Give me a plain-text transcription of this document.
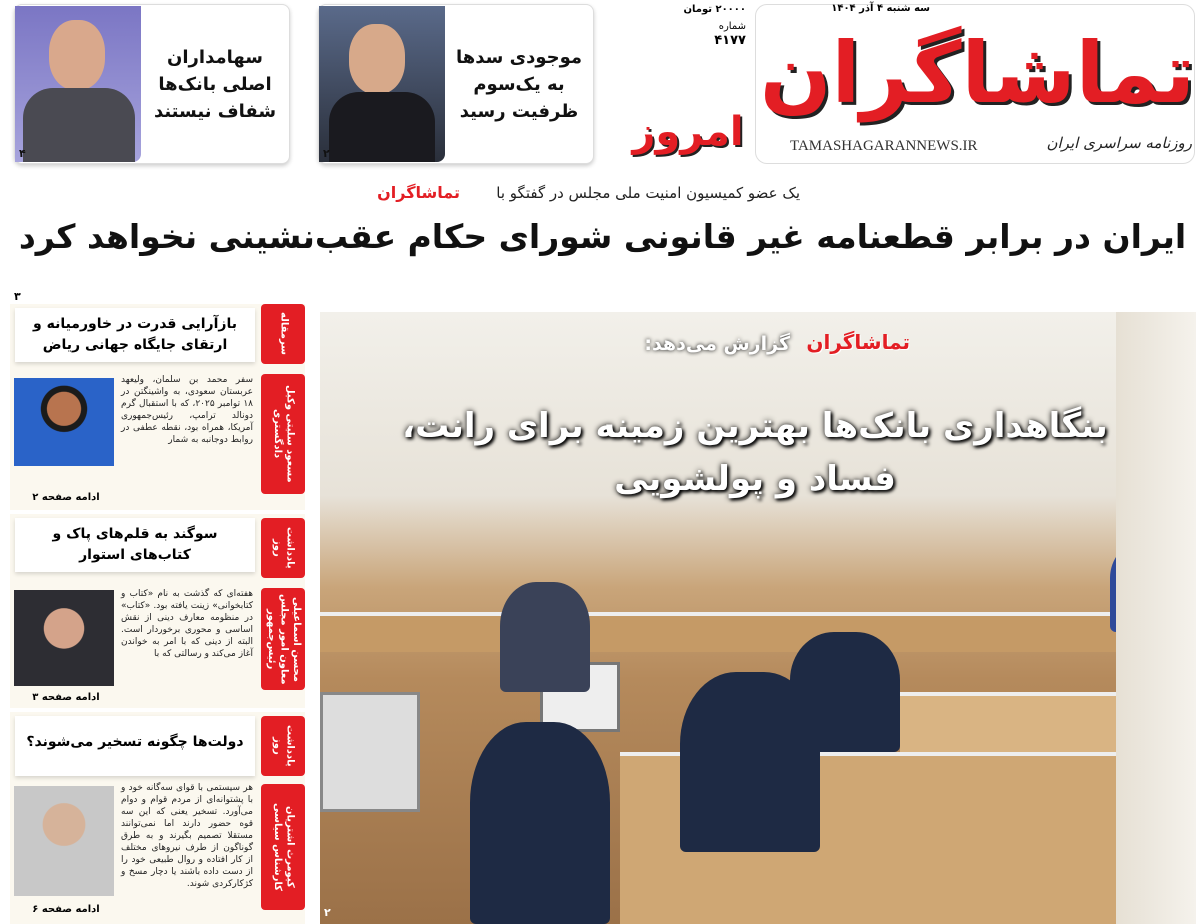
تماشاگران
امروز	TAMASHAGARANNEWS.IR	روزنامه سراسری ایران
سه شنبه ۴ آذر ۱۴۰۴
۲۰۰۰۰ تومان
شماره
۴۱۷۷
موجودی سدها به یک‌سوم ظرفیت رسید
۲
سهامداران اصلی بانک‌ها شفاف نیستند
۴
یک عضو کمیسیون امنیت ملی مجلس در گفتگو با
تماشاگران
ایران در برابر قطعنامه غیر قانونی شورای حکام عقب‌نشینی نخواهد کرد
۳
سرمقاله
بازآرایی قدرت در خاورمیانه و ارتقای جایگاه جهانی ریاض
مسعود سلیتی وکیل دادگستری
سفر محمد بن سلمان، ولیعهد عربستان سعودی، به واشینگتن در ۱۸ توامبر ۲۰۲۵، که با استقبال گرم دونالد ترامپ، رئیس‌جمهوری آمریکا، همراه بود، نقطه عطفی در روابط دوجانبه به شمار
ادامه صفحه ۲
یادداشت روز
سوگند به قلم‌های پاک و کتاب‌های استوار
محسن اسماعیلی معاون امور مجلس رئیس‌جمهور
هفته‌ای که گذشت به نام «کتاب و کتابخوانی» زینت یافته بود. «کتاب» در منظومه معارف دینی از نقش اساسی و محوری برخوردار است. البته از دینی که با امر به خواندن آغاز می‌کند و رسالتی که با
ادامه صفحه ۳
یادداشت روز
دولت‌ها چگونه تسخیر می‌شوند؟
کیومرث اشتریان کارشناس سیاسی
هر سیستمی با قوای سه‌گانه خود و با پشتوانه‌ای از مردم قوام و دوام می‌آورد. تسخیر یعنی که این سه قوه حضور دارند اما نمی‌توانند مستقلا تصمیم بگیرند و به طرق گوناگون از طرف نیروهای مختلف از کار افتاده و روال طبیعی خود را از دست داده باشند یا دچار مسخ و کژکارکردی شوند.
ادامه صفحه ۶
تماشاگران
گزارش می‌دهد:
بنگاهداری بانک‌ها بهترین زمینه برای رانت، فساد و پولشویی
۲
